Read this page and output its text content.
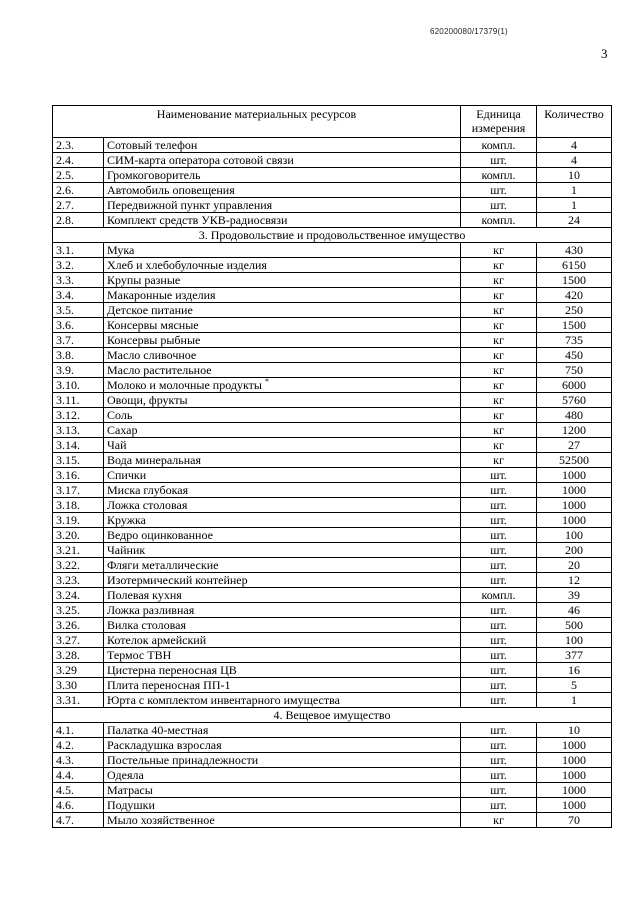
620200080/17379(1)
3
Наименование материальных ресурсов		Единица измерения	Количество
2.3.	Сотовый телефон	компл.	4
2.4.	СИМ-карта оператора сотовой связи	шт.	4
2.5.	Громкоговоритель	компл.	10
2.6.	Автомобиль оповещения	шт.	1
2.7.	Передвижной пункт управления	шт.	1
2.8.	Комплект средств УКВ-радиосвязи	компл.	24
3. Продовольствие и продовольственное имущество			
3.1.	Мука	кг	430
3.2.	Хлеб и хлебобулочные изделия	кг	6150
3.3.	Крупы разные	кг	1500
3.4.	Макаронные изделия	кг	420
3.5.	Детское питание	кг	250
3.6.	Консервы мясные	кг	1500
3.7.	Консервы рыбные	кг	735
3.8.	Масло сливочное	кг	450
3.9.	Масло растительное	кг	750
3.10.	Молоко и молочные продукты *	кг	6000
3.11.	Овощи, фрукты	кг	5760
3.12.	Соль	кг	480
3.13.	Сахар	кг	1200
3.14.	Чай	кг	27
3.15.	Вода минеральная	кг	52500
3.16.	Спички	шт.	1000
3.17.	Миска глубокая	шт.	1000
3.18.	Ложка столовая	шт.	1000
3.19.	Кружка	шт.	1000
3.20.	Ведро оцинкованное	шт.	100
3.21.	Чайник	шт.	200
3.22.	Фляги металлические	шт.	20
3.23.	Изотермический контейнер	шт.	12
3.24.	Полевая кухня	компл.	39
3.25.	Ложка разливная	шт.	46
3.26.	Вилка столовая	шт.	500
3.27.	Котелок армейский	шт.	100
3.28.	Термос ТВН	шт.	377
3.29	Цистерна переносная ЦВ	шт.	16
3.30	Плита переносная ПП-1	шт.	5
3.31.	Юрта с комплектом инвентарного имущества	шт.	1
4. Вещевое имущество			
4.1.	Палатка 40-местная	шт.	10
4.2.	Раскладушка взрослая	шт.	1000
4.3.	Постельные принадлежности	шт.	1000
4.4.	Одеяла	шт.	1000
4.5.	Матрасы	шт.	1000
4.6.	Подушки	шт.	1000
4.7.	Мыло хозяйственное	кг	70
